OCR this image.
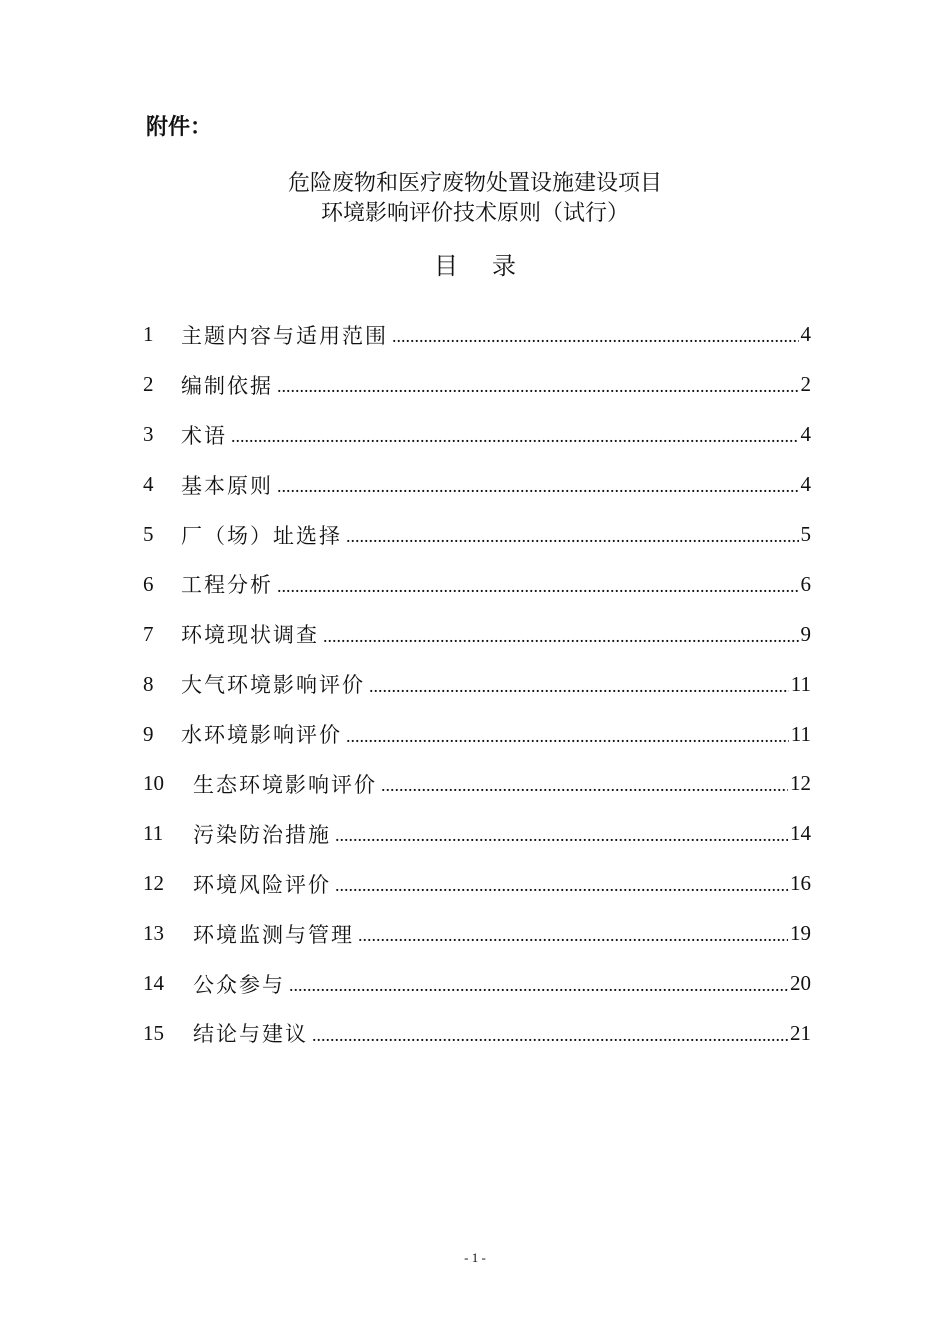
附件：
危险废物和医疗废物处置设施建设项目
环境影响评价技术原则（试行）
目 录
1	主题内容与适用范围 .....	4
2	编制依据 .....	2
3	术语 .....	4
4	基本原则 .....	4
5	厂（场）址选择 .....	5
6	工程分析 .....	6
7	环境现状调查 .....	9
8	大气环境影响评价 .....	11
9	水环境影响评价 .....	11
10	生态环境影响评价 .....	12
11	污染防治措施 .....	14
12	环境风险评价 .....	16
13	环境监测与管理 .....	19
14	公众参与 .....	20
15	结论与建议 .....	21
- 1 -
